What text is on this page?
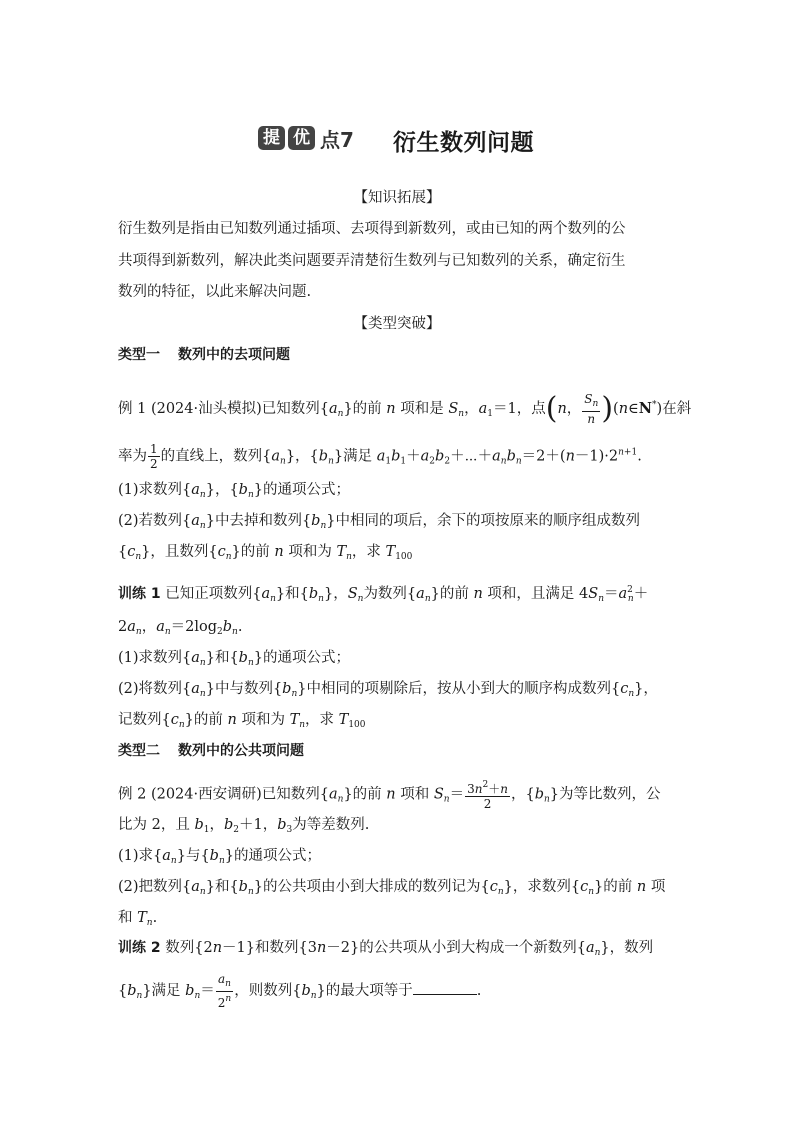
提 优 点7 衍生数列问题
【知识拓展】
衍生数列是指由已知数列通过插项、去项得到新数列，或由已知的两个数列的公
共项得到新数列，解决此类问题要弄清楚衍生数列与已知数列的关系，确定衍生
数列的特征，以此来解决问题.
【类型突破】
类型一 数列中的去项问题
例 1 (2024·汕头模拟)已知数列$\{a_n\}$的前 n 项和是 $S_n$，$a_1=1$，点(n， $\frac{S_n}{n}$ )(n∈N*)在斜
率为 $\frac{1}{2}$ 的直线上，数列$\{a_n\}$，$\{b_n\}$满足 $a_1b_1+a_2b_2+\cdots+a_nb_n=2+(n-1)\cdot 2^{n+1}$.
(1)求数列$\{a_n\}$，$\{b_n\}$的通项公式；
(2)若数列$\{a_n\}$中去掉和数列$\{b_n\}$中相同的项后，余下的项按原来的顺序组成数列
$\{c_n\}$，且数列$\{c_n\}$的前 n 项和为 $T_n$，求 $T_{100}$
训练 1 已知正项数列$\{a_n\}$和$\{b_n\}$，$S_n$为数列$\{a_n\}$的前 n 项和，且满足 $4S_n=a^2_n+$
$2a_n$，$a_n=2\log_2b_n$.
(1)求数列$\{a_n\}$和$\{b_n\}$的通项公式；
(2)将数列$\{a_n\}$中与数列$\{b_n\}$中相同的项剔除后，按从小到大的顺序构成数列$\{c_n\}$，
记数列$\{c_n\}$的前 n 项和为 $T_n$，求 $T_{100}$
类型二 数列中的公共项问题
例 2 (2024·西安调研)已知数列$\{a_n\}$的前 n 项和 $S_n= \frac{3n^2+n}{2}$ ，$\{b_n\}$为等比数列，公
比为 2，且 $b_1$，$b_2+1$，$b_3$为等差数列.
(1)求$\{a_n\}$与$\{b_n\}$的通项公式；
(2)把数列$\{a_n\}$和$\{b_n\}$的公共项由小到大排成的数列记为$\{c_n\}$，求数列$\{c_n\}$的前 n 项
和 $T_n$.
训练 2 数列{2n－1}和数列{3n－2}的公共项从小到大构成一个新数列$\{a_n\}$，数列
$\{b_n\}$满足 $b_n= \frac{a_n}{2^n}$ ，则数列$\{b_n\}$的最大项等于	.
